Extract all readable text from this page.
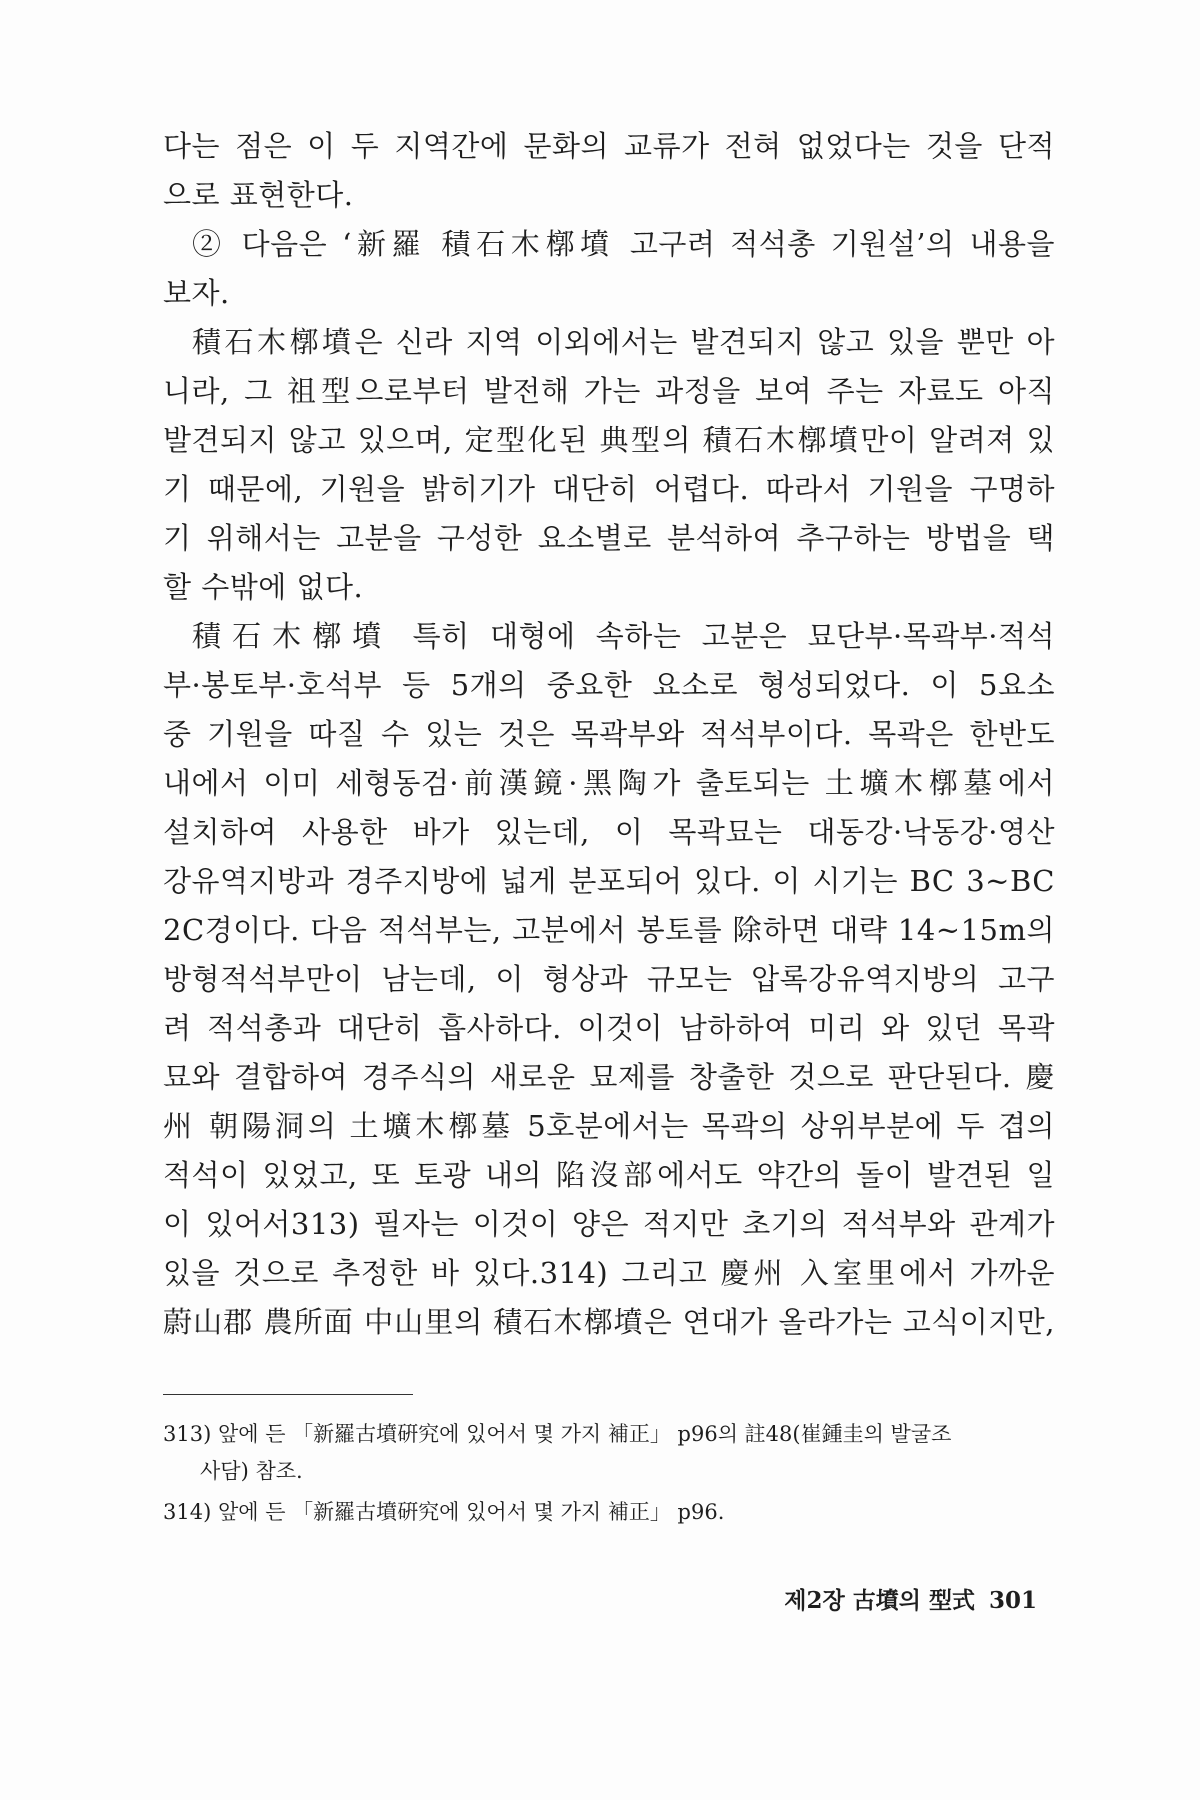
다는 점은 이 두 지역간에 문화의 교류가 전혀 없었다는 것을 단적
으로 표현한다.
② 다음은 ‘新羅 積石木槨墳 고구려 적석총 기원설’의 내용을
보자.
積石木槨墳은 신라 지역 이외에서는 발견되지 않고 있을 뿐만 아
니라, 그 祖型으로부터 발전해 가는 과정을 보여 주는 자료도 아직
발견되지 않고 있으며, 定型化된 典型의 積石木槨墳만이 알려져 있
기 때문에, 기원을 밝히기가 대단히 어렵다. 따라서 기원을 구명하
기 위해서는 고분을 구성한 요소별로 분석하여 추구하는 방법을 택
할 수밖에 없다.
積石木槨墳 특히 대형에 속하는 고분은 묘단부·목곽부·적석
부·봉토부·호석부 등 5개의 중요한 요소로 형성되었다. 이 5요소
중 기원을 따질 수 있는 것은 목곽부와 적석부이다. 목곽은 한반도
내에서 이미 세형동검·前漢鏡·黑陶가 출토되는 土壙木槨墓에서
설치하여 사용한 바가 있는데, 이 목곽묘는 대동강·낙동강·영산
강유역지방과 경주지방에 넓게 분포되어 있다. 이 시기는 BC 3~BC
2C경이다. 다음 적석부는, 고분에서 봉토를 除하면 대략 14~15m의
방형적석부만이 남는데, 이 형상과 규모는 압록강유역지방의 고구
려 적석총과 대단히 흡사하다. 이것이 남하하여 미리 와 있던 목곽
묘와 결합하여 경주식의 새로운 묘제를 창출한 것으로 판단된다. 慶
州 朝陽洞의 土壙木槨墓 5호분에서는 목곽의 상위부분에 두 겹의
적석이 있었고, 또 토광 내의 陷沒部에서도 약간의 돌이 발견된 일
이 있어서313) 필자는 이것이 양은 적지만 초기의 적석부와 관계가
있을 것으로 추정한 바 있다.314) 그리고 慶州 入室里에서 가까운
蔚山郡 農所面 中山里의 積石木槨墳은 연대가 올라가는 고식이지만,
313) 앞에 든 「新羅古墳硏究에 있어서 몇 가지 補正」 p96의 註48(崔鍾圭의 발굴조
사담) 참조.
314) 앞에 든 「新羅古墳硏究에 있어서 몇 가지 補正」 p96.
제2장 古墳의 型式 301
